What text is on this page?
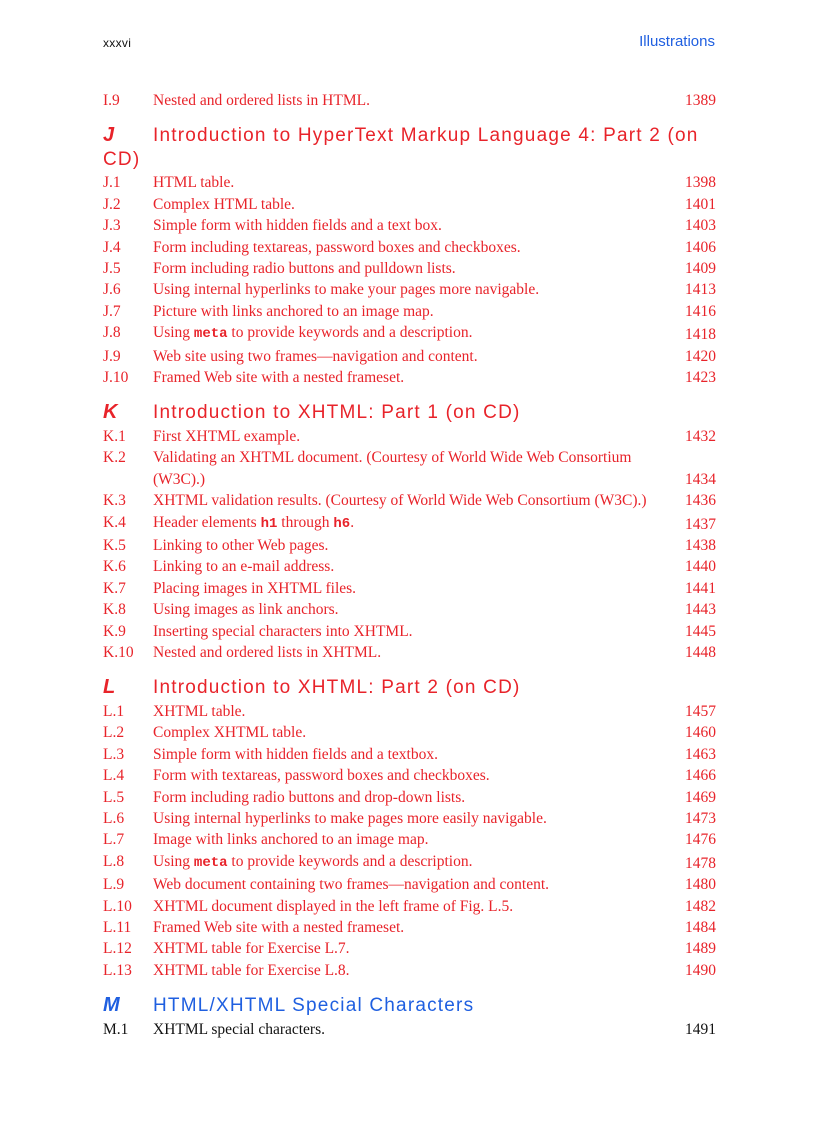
xxxvi	Illustrations
I.9	Nested and ordered lists in HTML.	1389
J	Introduction to HyperText Markup Language 4: Part 2 (on CD)
J.1	HTML table.	1398
J.2	Complex HTML table.	1401
J.3	Simple form with hidden fields and a text box.	1403
J.4	Form including textareas, password boxes and checkboxes.	1406
J.5	Form including radio buttons and pulldown lists.	1409
J.6	Using internal hyperlinks to make your pages more navigable.	1413
J.7	Picture with links anchored to an image map.	1416
J.8	Using meta to provide keywords and a description.	1418
J.9	Web site using two frames—navigation and content.	1420
J.10	Framed Web site with a nested frameset.	1423
K	Introduction to XHTML: Part 1 (on CD)
K.1	First XHTML example.	1432
K.2	Validating an XHTML document. (Courtesy of World Wide Web Consortium (W3C).)	1434
K.3	XHTML validation results. (Courtesy of World Wide Web Consortium (W3C).)	1436
K.4	Header elements h1 through h6.	1437
K.5	Linking to other Web pages.	1438
K.6	Linking to an e-mail address.	1440
K.7	Placing images in XHTML files.	1441
K.8	Using images as link anchors.	1443
K.9	Inserting special characters into XHTML.	1445
K.10	Nested and ordered lists in XHTML.	1448
L	Introduction to XHTML: Part 2 (on CD)
L.1	XHTML table.	1457
L.2	Complex XHTML table.	1460
L.3	Simple form with hidden fields and a textbox.	1463
L.4	Form with textareas, password boxes and checkboxes.	1466
L.5	Form including radio buttons and drop-down lists.	1469
L.6	Using internal hyperlinks to make pages more easily navigable.	1473
L.7	Image with links anchored to an image map.	1476
L.8	Using meta to provide keywords and a description.	1478
L.9	Web document containing two frames—navigation and content.	1480
L.10	XHTML document displayed in the left frame of Fig. L.5.	1482
L.11	Framed Web site with a nested frameset.	1484
L.12	XHTML table for Exercise L.7.	1489
L.13	XHTML table for Exercise L.8.	1490
M	HTML/XHTML Special Characters
M.1	XHTML special characters.	1491
